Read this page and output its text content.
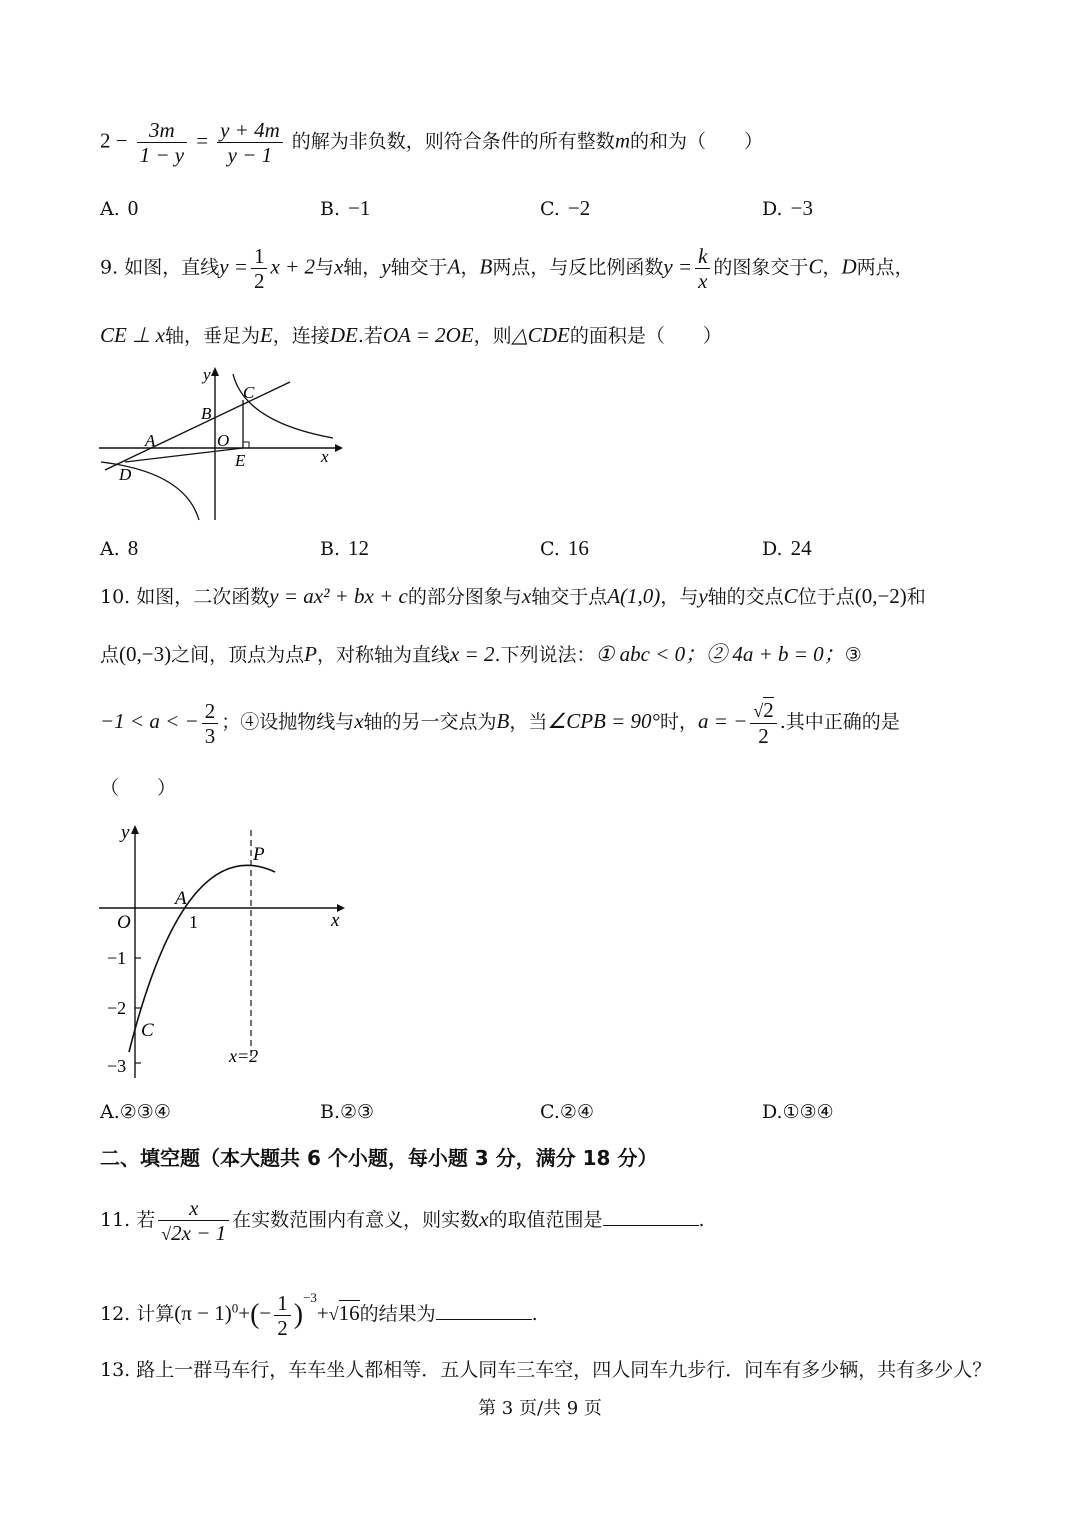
$2 - \frac{3m}{1 - y} = \frac{y + 4m}{y - 1}$ 的解为非负数，则符合条件的所有整数m的和为（　　）
A. 0	B. −1	C. −2	D. −3
9. 如图，直线$y = \frac{1}{2}$ x + 2与x轴，y轴交于A，B两点，与反比例函数$y = \frac{k}{x}$ 的图象交于C，D两点，
CE ⊥ x轴，垂足为E，连接DE.若OA = 2OE，则△CDE的面积是（　　）
y
C
B
A	O
E
D
x
A. 8	B. 12	C. 16	D. 24
10. 如图，二次函数y = ax² + bx + c的部分图象与x轴交于点A(1,0)，与y轴的交点C位于点(0,−2)和
点(0,−3)之间，顶点为点P，对称轴为直线x = 2.下列说法：① abc < 0；② 4a + b = 0；③
−1 < a < − $\frac{2}{3}$ ；④设抛物线与x轴的另一交点为B，当∠CPB = 90°时，a = − $\frac{√2}{2}$ .其中正确的是
（　　）
y
x
O
A
1
P
−1
−2
C
−3	x=2
A.②③④	B.②③	C.②④	D.①③④
二、填空题（本大题共 6 个小题，每小题 3 分，满分 18 分）
11. 若 $\frac{x}{√2x - 1}$ 在实数范围内有意义，则实数x的取值范围是	.
12. 计算$(\pi - 1)^0+(- \frac{1}{2} )^{-3}+√16$的结果为	.
13. 路上一群马车行，车车坐人都相等．五人同车三车空，四人同车九步行．问车有多少辆，共有多少人？
第 3 页/共 9 页
